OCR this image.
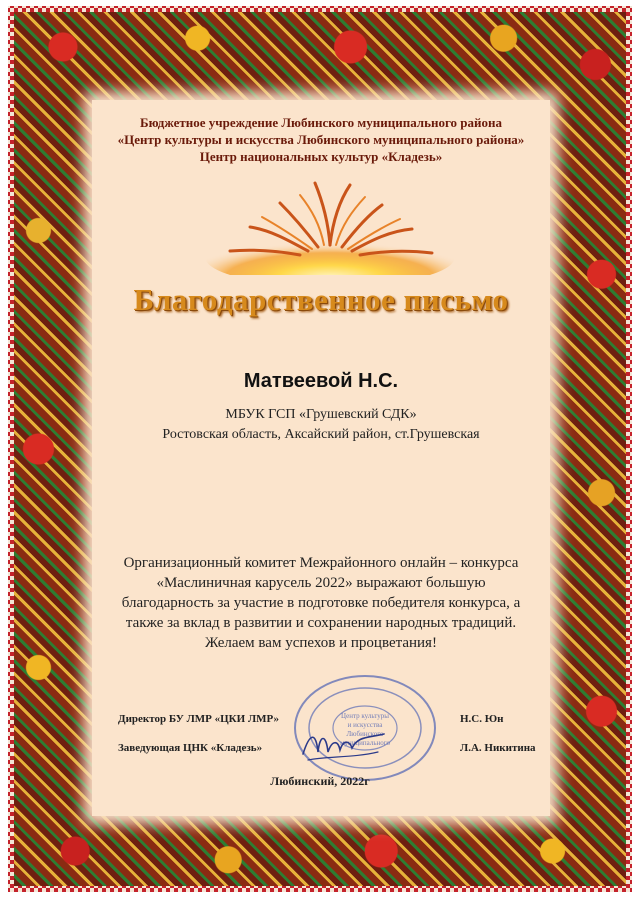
Бюджетное учреждение Любинского муниципального района
«Центр культуры и искусства Любинского муниципального района»
Центр национальных культур «Кладезь»
Благодарственное письмо
Матвеевой Н.С.
МБУК ГСП «Грушевский СДК»
Ростовская область, Аксайский район, ст.Грушевская
Организационный комитет Межрайонного онлайн – конкурса
«Маслиничная карусель 2022» выражают большую
благодарность за участие в подготовке победителя конкурса, а
также за вклад в развитии и сохранении народных традиций.
Желаем вам успехов и процветания!
Центр культуры
и искусства
Любинского
муниципального
Директор БУ ЛМР «ЦКИ ЛМР»	Н.С. Юн
Заведующая ЦНК «Кладезь»	Л.А. Никитина
Любинский, 2022г
